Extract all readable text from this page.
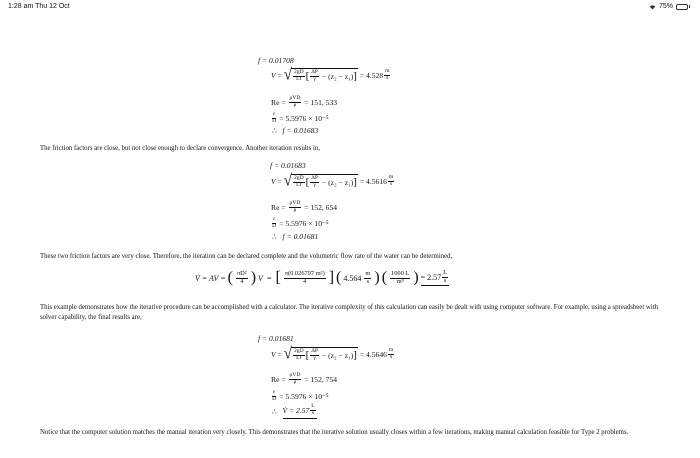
1:28 am Thu 12 Oct	75%
f = 0.01708
V = √ $\frac{2gD}{Lf}$ [ $\frac{\Delta P}{\gamma} - (z_2 - z_1)$ ]
= $4.528 \frac{m}{s}$
$Re = \frac{\text{ρVD}}{\mu}$
= 151, 533
$\frac{\varepsilon}{D}$
= 5.5976 × 10⁻⁵
∴ f = 0.01683
The friction factors are close, but not close enough to declare convergence. Another iteration results in,
f = 0.01683
V = √ $\frac{2gD}{Lf}$ [ $\frac{\Delta P}{\gamma} - (z_2 - z_1)$ ]
= $4.5616 \frac{m}{s}$
$Re = \frac{\text{ρVD}}{\mu}$
= 152, 654
$\frac{\varepsilon}{D}$
= 5.5976 × 10⁻⁵
∴ f = 0.01681
These two friction factors are very close. Therefore, the iteration can be declared complete and the volumetric flow rate of the water can be determined,
V̇ = AV = ( $\frac{\text{πD²}}{4}$ ) V = [ $\frac{\text{π(0.026797 m²)}}{4}$ ] ( $4.564 \frac{m}{s}$ ) ( $\frac{1000 L}{\text{m³}}$ ) = $2.57 \frac{L}{s}$
This example demonstrates how the iterative procedure can be accomplished with a calculator. The iterative complexity of this calculation can easily be dealt with using computer software. For example, using a spreadsheet with solver capability, the final results are,
f = 0.01681
V = √ $\frac{2gD}{Lf}$ [ $\frac{\Delta P}{\gamma} - (z_2 - z_1)$ ]
= $4.5646 \frac{m}{s}$
$Re = \frac{\text{ρVD}}{\mu}$
= 152, 754
$\frac{\varepsilon}{D}$
= 5.5976 × 10⁻⁵
∴
V̇ = $2.57 \frac{L}{s}$
Notice that the computer solution matches the manual iteration very closely. This demonstrates that the iterative solution usually closes within a few iterations, making manual calculation feasible for Type 2 problems.
